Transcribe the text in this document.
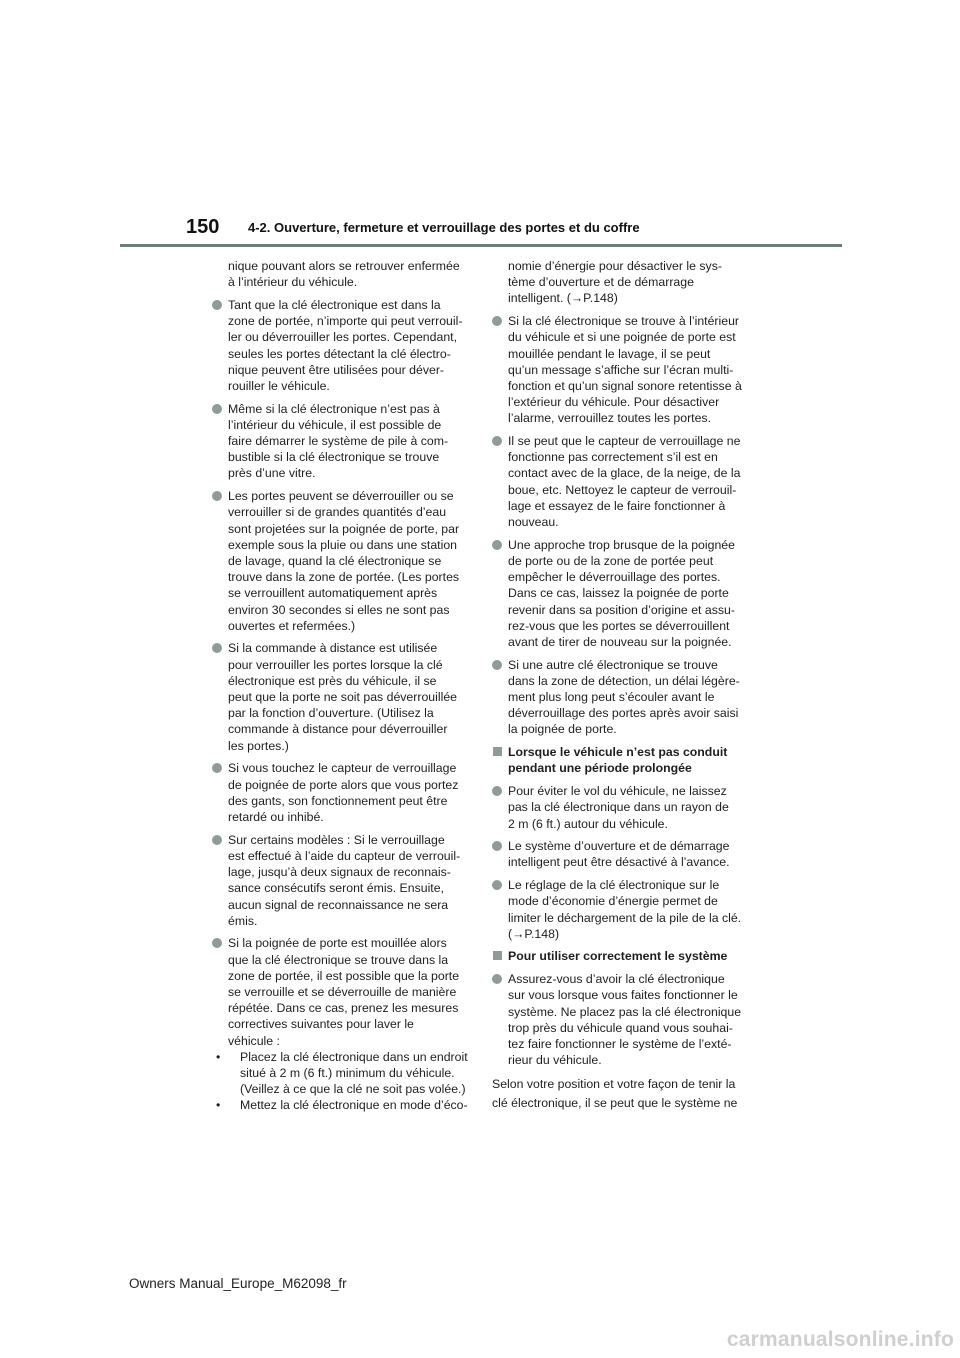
150 4-2. Ouverture, fermeture et verrouillage des portes et du coffre
nique pouvant alors se retrouver enfermée
à l’intérieur du véhicule.
Tant que la clé électronique est dans la
zone de portée, n’importe qui peut verrouil-
ler ou déverrouiller les portes. Cependant,
seules les portes détectant la clé électro-
nique peuvent être utilisées pour déver-
rouiller le véhicule.
Même si la clé électronique n’est pas à
l’intérieur du véhicule, il est possible de
faire démarrer le système de pile à com-
bustible si la clé électronique se trouve
près d’une vitre.
Les portes peuvent se déverrouiller ou se
verrouiller si de grandes quantités d’eau
sont projetées sur la poignée de porte, par
exemple sous la pluie ou dans une station
de lavage, quand la clé électronique se
trouve dans la zone de portée. (Les portes
se verrouillent automatiquement après
environ 30 secondes si elles ne sont pas
ouvertes et refermées.)
Si la commande à distance est utilisée
pour verrouiller les portes lorsque la clé
électronique est près du véhicule, il se
peut que la porte ne soit pas déverrouillée
par la fonction d’ouverture. (Utilisez la
commande à distance pour déverrouiller
les portes.)
Si vous touchez le capteur de verrouillage
de poignée de porte alors que vous portez
des gants, son fonctionnement peut être
retardé ou inhibé.
Sur certains modèles : Si le verrouillage
est effectué à l’aide du capteur de verrouil-
lage, jusqu’à deux signaux de reconnais-
sance consécutifs seront émis. Ensuite,
aucun signal de reconnaissance ne sera
émis.
Si la poignée de porte est mouillée alors
que la clé électronique se trouve dans la
zone de portée, il est possible que la porte
se verrouille et se déverrouille de manière
répétée. Dans ce cas, prenez les mesures
correctives suivantes pour laver le
véhicule :
• Placez la clé électronique dans un endroit
situé à 2 m (6 ft.) minimum du véhicule.
(Veillez à ce que la clé ne soit pas volée.)
• Mettez la clé électronique en mode d’éco-
nomie d’énergie pour désactiver le sys-
tème d’ouverture et de démarrage
intelligent. (→P.148)
Si la clé électronique se trouve à l’intérieur
du véhicule et si une poignée de porte est
mouillée pendant le lavage, il se peut
qu’un message s’affiche sur l’écran multi-
fonction et qu’un signal sonore retentisse à
l’extérieur du véhicule. Pour désactiver
l’alarme, verrouillez toutes les portes.
Il se peut que le capteur de verrouillage ne
fonctionne pas correctement s’il est en
contact avec de la glace, de la neige, de la
boue, etc. Nettoyez le capteur de verrouil-
lage et essayez de le faire fonctionner à
nouveau.
Une approche trop brusque de la poignée
de porte ou de la zone de portée peut
empêcher le déverrouillage des portes.
Dans ce cas, laissez la poignée de porte
revenir dans sa position d’origine et assu-
rez-vous que les portes se déverrouillent
avant de tirer de nouveau sur la poignée.
Si une autre clé électronique se trouve
dans la zone de détection, un délai légère-
ment plus long peut s’écouler avant le
déverrouillage des portes après avoir saisi
la poignée de porte.
Lorsque le véhicule n’est pas conduit
pendant une période prolongée
Pour éviter le vol du véhicule, ne laissez
pas la clé électronique dans un rayon de
2 m (6 ft.) autour du véhicule.
Le système d’ouverture et de démarrage
intelligent peut être désactivé à l’avance.
Le réglage de la clé électronique sur le
mode d’économie d’énergie permet de
limiter le déchargement de la pile de la clé.
(→P.148)
Pour utiliser correctement le système
Assurez-vous d’avoir la clé électronique
sur vous lorsque vous faites fonctionner le
système. Ne placez pas la clé électronique
trop près du véhicule quand vous souhai-
tez faire fonctionner le système de l’exté-
rieur du véhicule.
Selon votre position et votre façon de tenir la
clé électronique, il se peut que le système ne
Owners Manual_Europe_M62098_fr
carmanualsonline.info
